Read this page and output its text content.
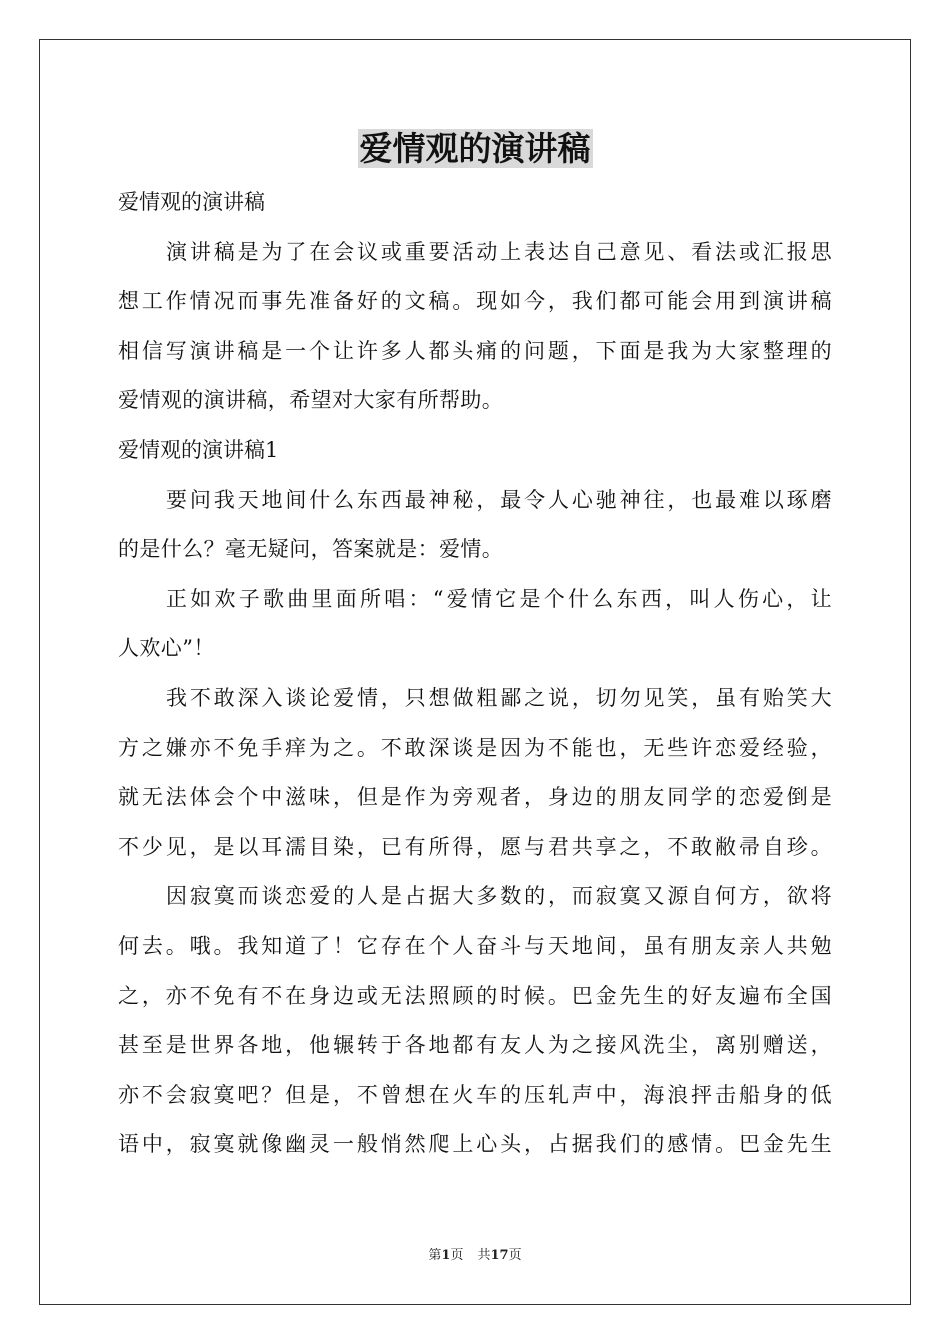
爱情观的演讲稿
爱情观的演讲稿
演讲稿是为了在会议或重要活动上表达自己意见、看法或汇报思
想工作情况而事先准备好的文稿。现如今，我们都可能会用到演讲稿
相信写演讲稿是一个让许多人都头痛的问题，下面是我为大家整理的
爱情观的演讲稿，希望对大家有所帮助。
爱情观的演讲稿1
要问我天地间什么东西最神秘，最令人心驰神往，也最难以琢磨
的是什么？毫无疑问，答案就是：爱情。
正如欢子歌曲里面所唱：“爱情它是个什么东西，叫人伤心，让
人欢心”！
我不敢深入谈论爱情，只想做粗鄙之说，切勿见笑，虽有贻笑大
方之嫌亦不免手痒为之。不敢深谈是因为不能也，无些许恋爱经验，
就无法体会个中滋味，但是作为旁观者，身边的朋友同学的恋爱倒是
不少见，是以耳濡目染，已有所得，愿与君共享之，不敢敝帚自珍。
因寂寞而谈恋爱的人是占据大多数的，而寂寞又源自何方，欲将
何去。哦。我知道了！它存在个人奋斗与天地间，虽有朋友亲人共勉
之，亦不免有不在身边或无法照顾的时候。巴金先生的好友遍布全国
甚至是世界各地，他辗转于各地都有友人为之接风洗尘，离别赠送，
亦不会寂寞吧？但是，不曾想在火车的压轧声中，海浪抨击船身的低
语中，寂寞就像幽灵一般悄然爬上心头，占据我们的感情。巴金先生
第1页 共17页
